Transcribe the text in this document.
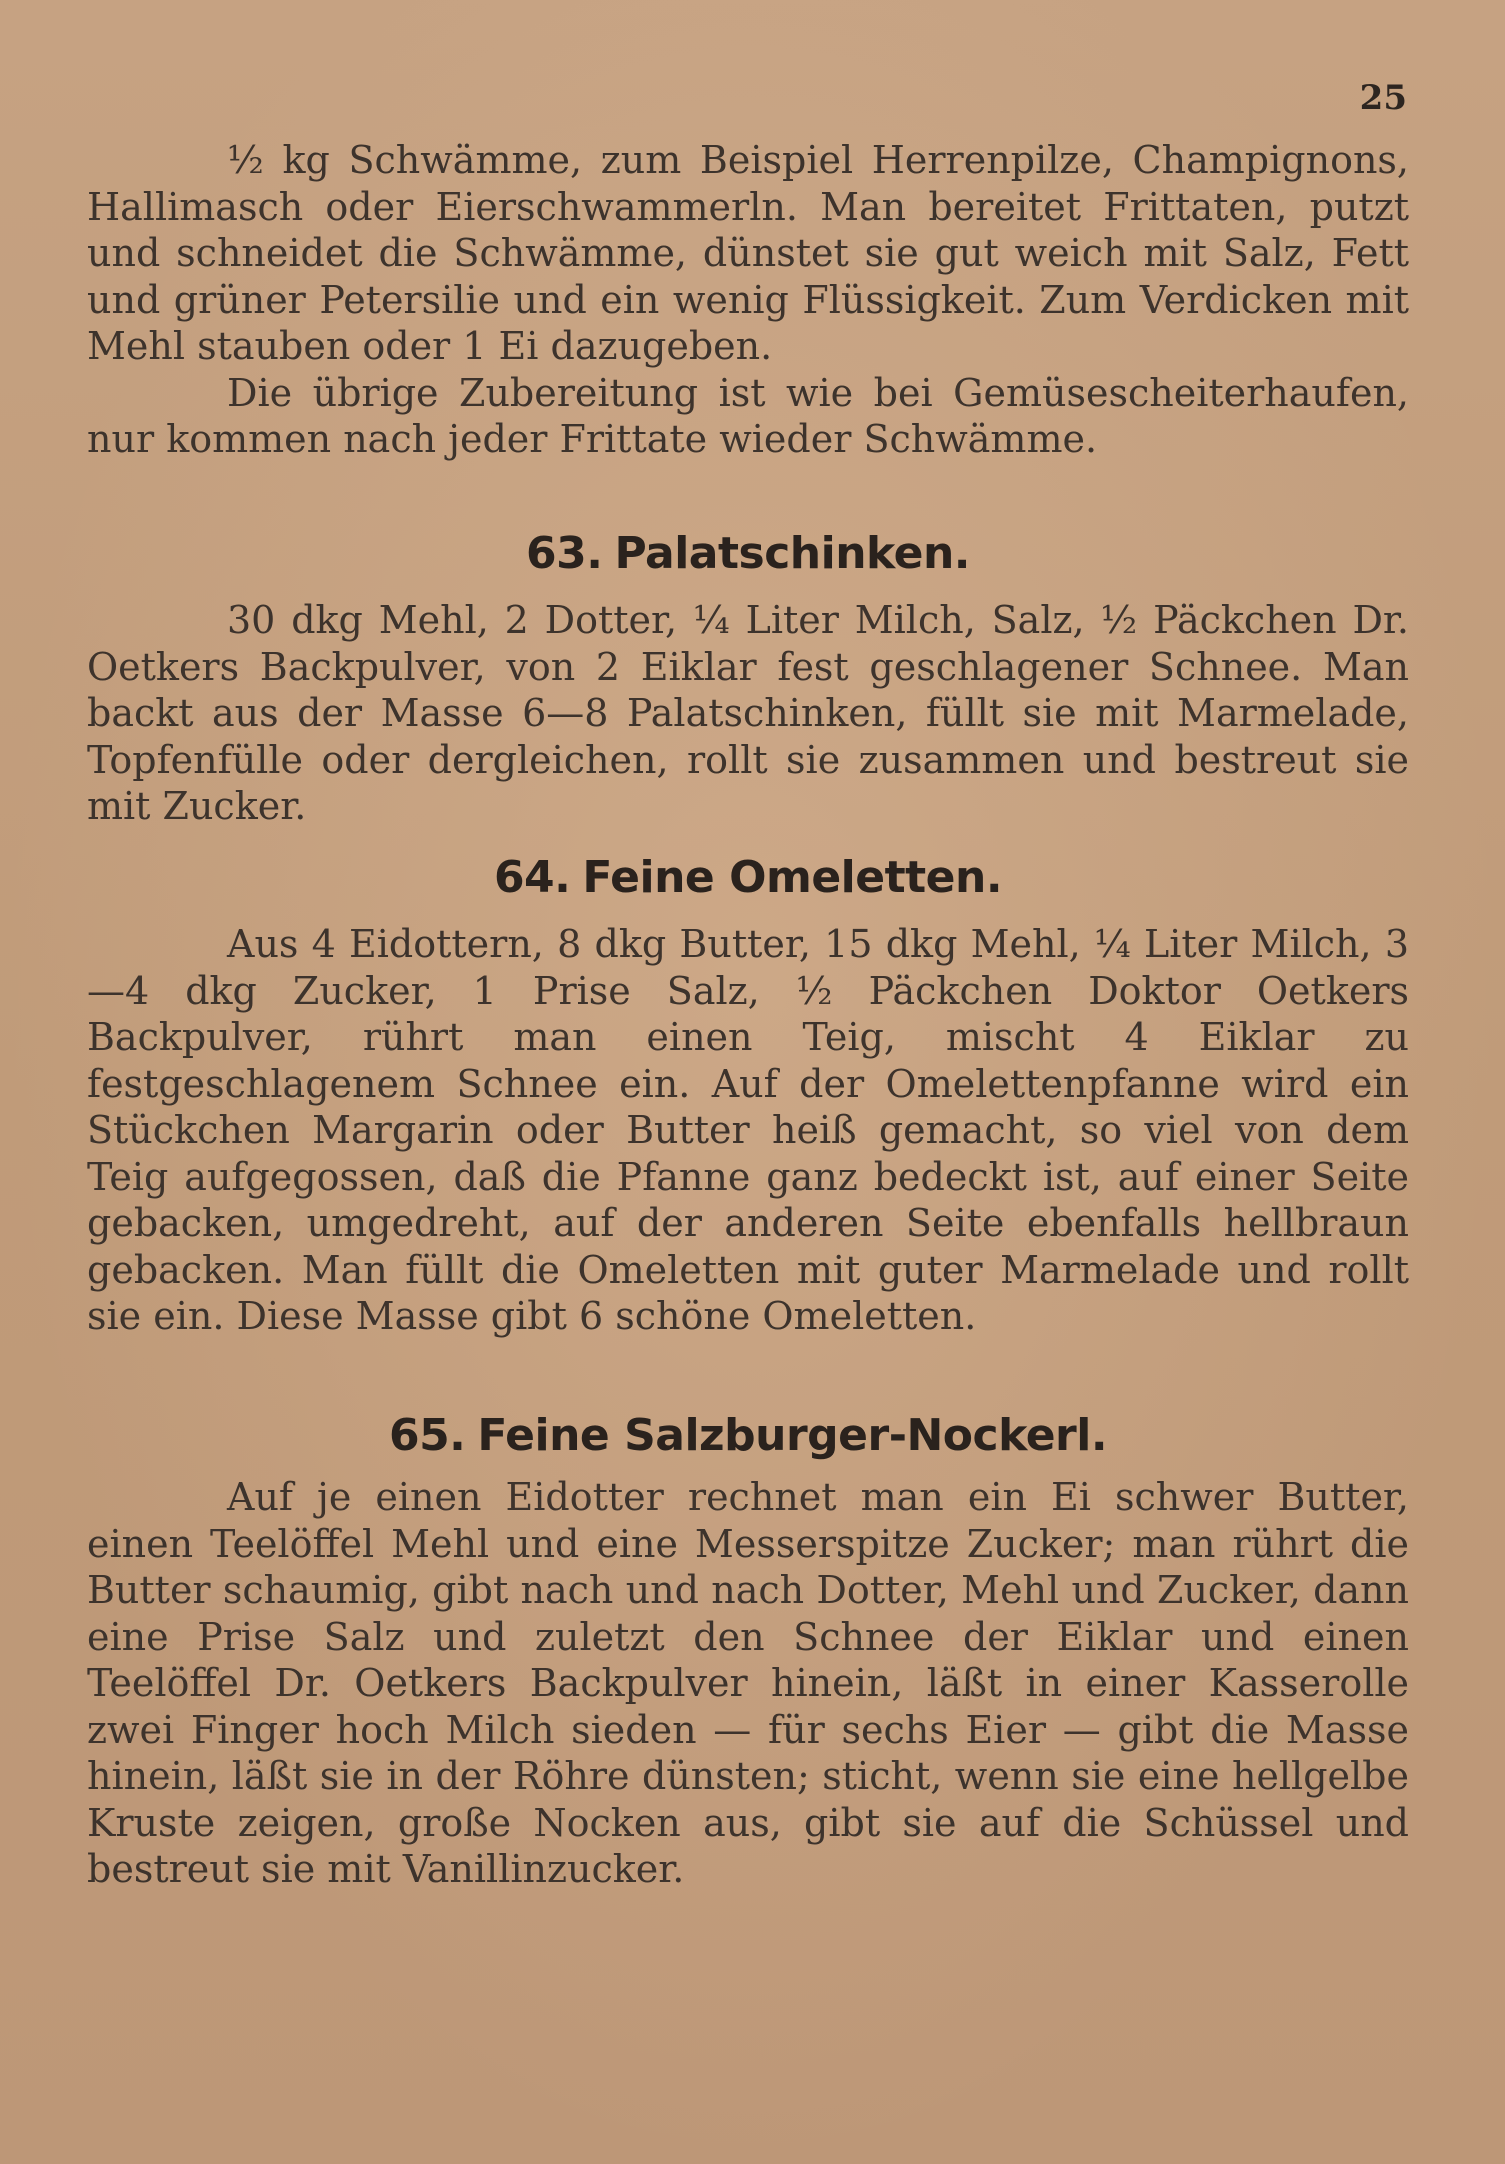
25

½ kg Schwämme, zum Beispiel Herrenpilze, Champignons, Hallimasch oder Eierschwammerln. Man bereitet Frittaten, putzt und schneidet die Schwämme, dünstet sie gut weich mit Salz, Fett und grüner Petersilie und ein wenig Flüssigkeit. Zum Verdicken mit Mehl stauben oder 1 Ei dazugeben.

Die übrige Zubereitung ist wie bei Gemüsescheiterhaufen, nur kommen nach jeder Frittate wieder Schwämme.

63. Palatschinken.

30 dkg Mehl, 2 Dotter, ¼ Liter Milch, Salz, ½ Päckchen Dr. Oetkers Backpulver, von 2 Eiklar fest geschlagener Schnee. Man backt aus der Masse 6—8 Palatschinken, füllt sie mit Marmelade, Topfenfülle oder dergleichen, rollt sie zusammen und bestreut sie mit Zucker.

64. Feine Omeletten.

Aus 4 Eidottern, 8 dkg Butter, 15 dkg Mehl, ¼ Liter Milch, 3—4 dkg Zucker, 1 Prise Salz, ½ Päckchen Doktor Oetkers Backpulver, rührt man einen Teig, mischt 4 Eiklar zu festgeschlagenem Schnee ein. Auf der Omelettenpfanne wird ein Stückchen Margarin oder Butter heiß gemacht, so viel von dem Teig aufgegossen, daß die Pfanne ganz bedeckt ist, auf einer Seite gebacken, umgedreht, auf der anderen Seite ebenfalls hellbraun gebacken. Man füllt die Omeletten mit guter Marmelade und rollt sie ein. Diese Masse gibt 6 schöne Omeletten.

65. Feine Salzburger-Nockerl.

Auf je einen Eidotter rechnet man ein Ei schwer Butter, einen Teelöffel Mehl und eine Messerspitze Zucker; man rührt die Butter schaumig, gibt nach und nach Dotter, Mehl und Zucker, dann eine Prise Salz und zuletzt den Schnee der Eiklar und einen Teelöffel Dr. Oetkers Backpulver hinein, läßt in einer Kasserolle zwei Finger hoch Milch sieden — für sechs Eier — gibt die Masse hinein, läßt sie in der Röhre dünsten; sticht, wenn sie eine hellgelbe Kruste zeigen, große Nocken aus, gibt sie auf die Schüssel und bestreut sie mit Vanillinzucker.
